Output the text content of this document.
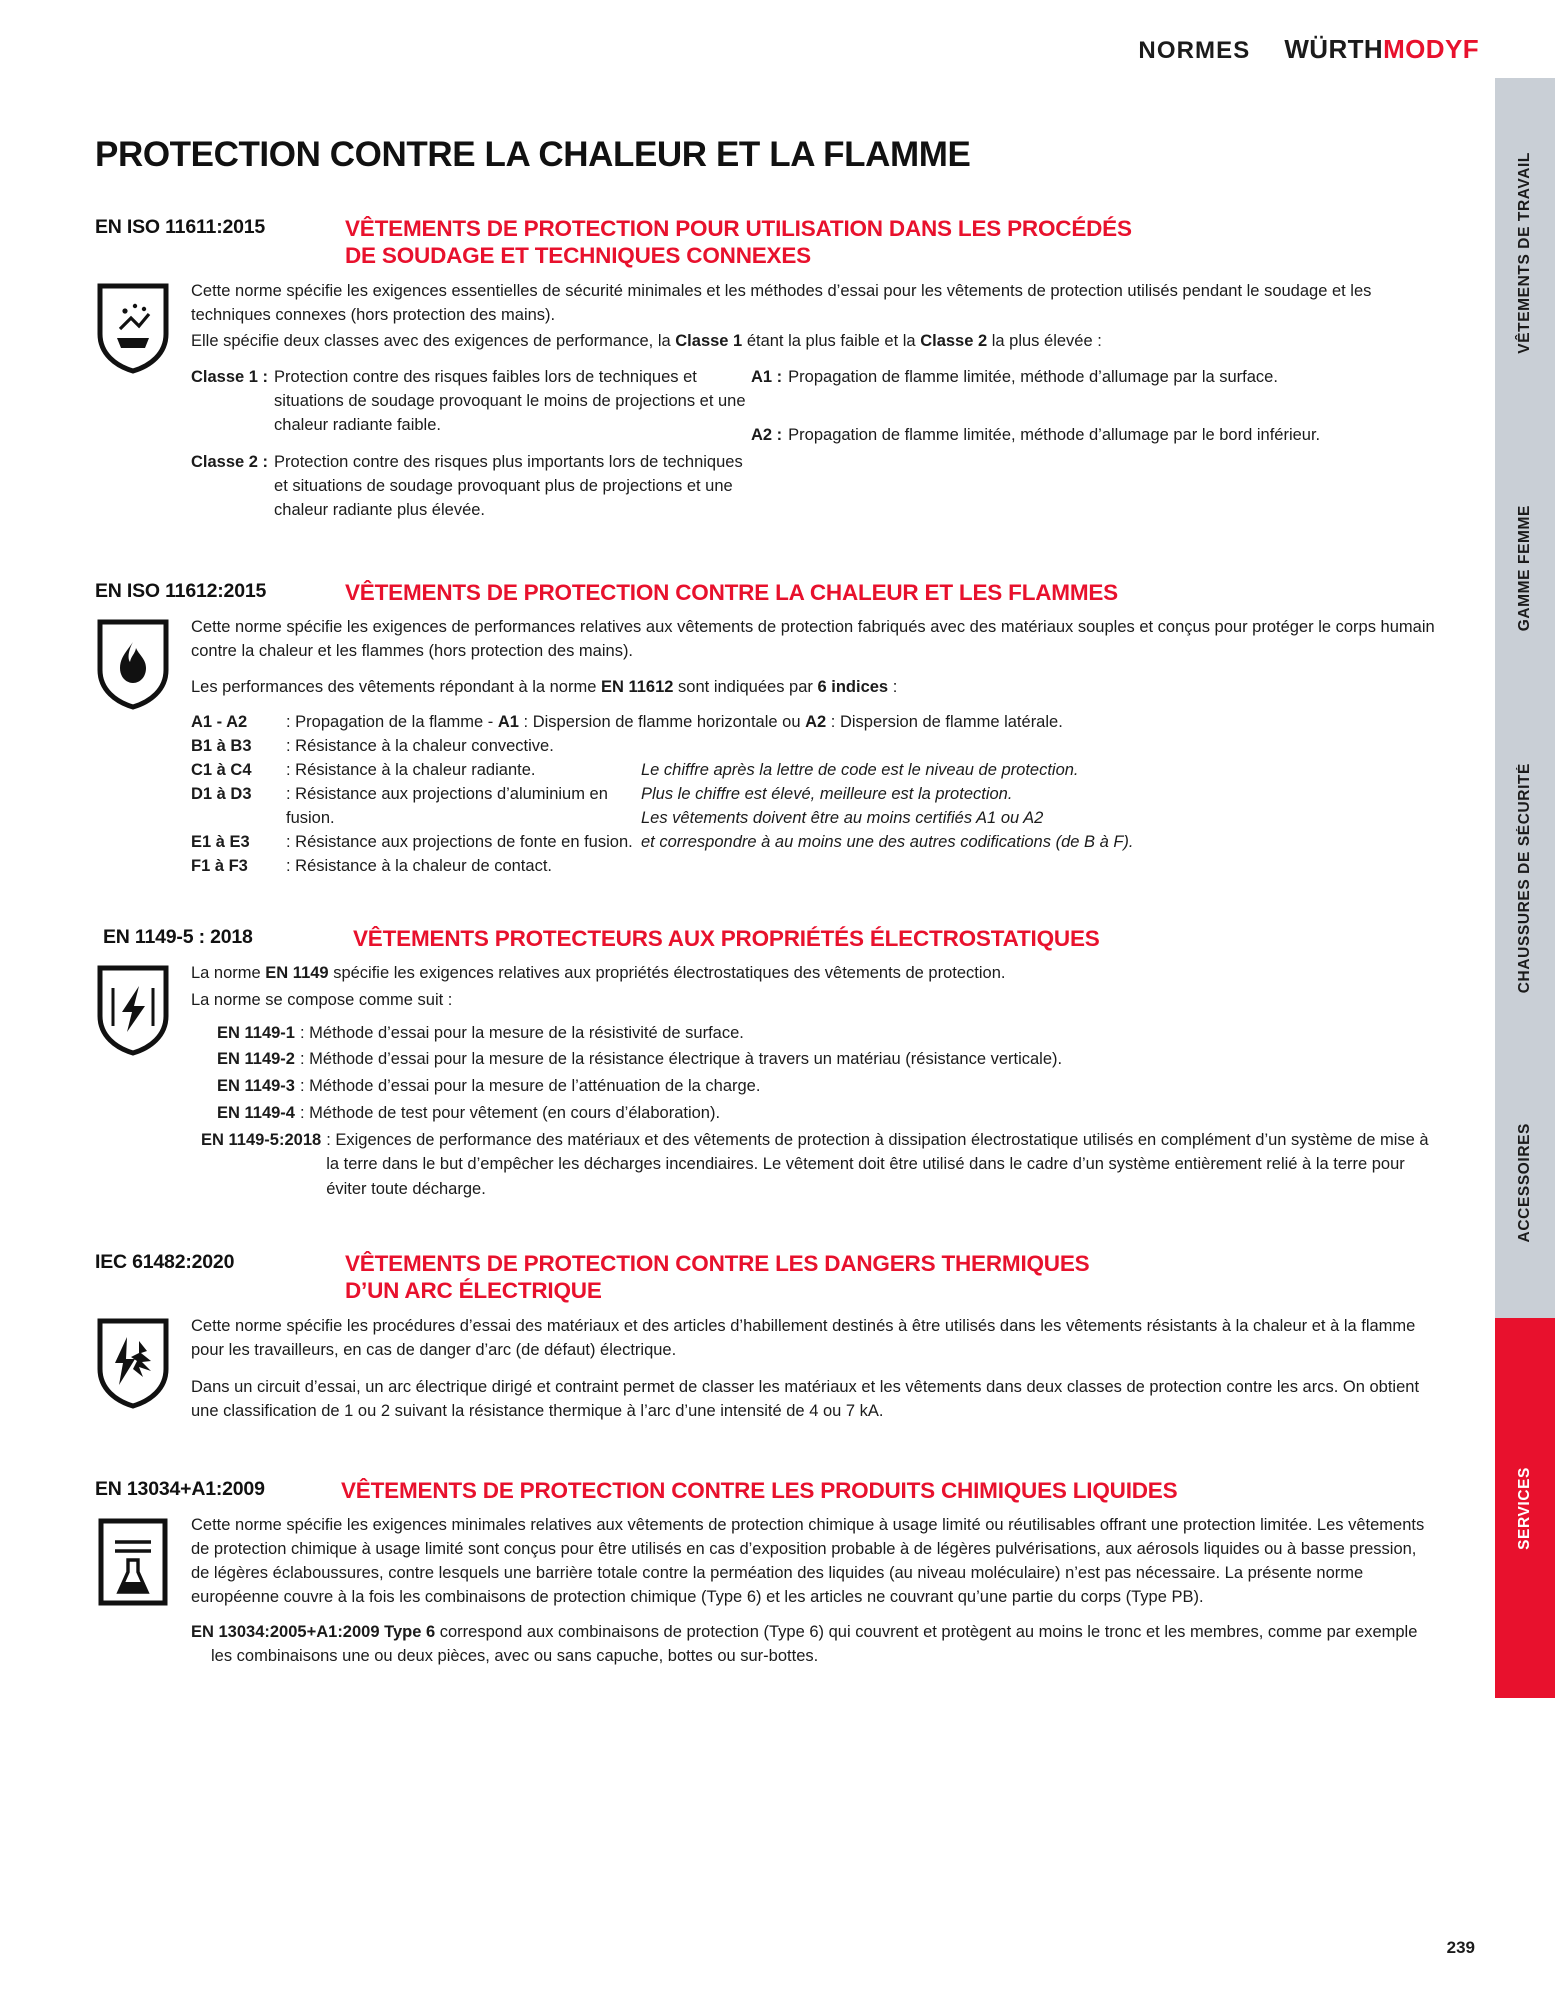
NORMES WÜRTHMODYF
VÊTEMENTS DE TRAVAIL
GAMME FEMME
CHAUSSURES DE SÉCURITÉ
ACCESSOIRES
SERVICES
PROTECTION CONTRE LA CHALEUR ET LA FLAMME
EN ISO 11611:2015	VÊTEMENTS DE PROTECTION POUR UTILISATION DANS LES PROCÉDÉS
DE SOUDAGE ET TECHNIQUES CONNEXES

Cette norme spécifie les exigences essentielles de sécurité minimales et les méthodes d’essai pour les vêtements de protection utilisés pendant le soudage et les techniques connexes (hors protection des mains).

Elle spécifie deux classes avec des exigences de performance, la Classe 1 étant la plus faible et la Classe 2 la plus élevée :

Classe 1 : Protection contre des risques faibles lors de techniques et situations de soudage provoquant le moins de projections et une chaleur radiante faible.
Classe 2 : Protection contre des risques plus importants lors de techniques et situations de soudage provoquant plus de projections et une chaleur radiante plus élevée.
A1 : Propagation de flamme limitée, méthode d’allumage par la surface.
A2 : Propagation de flamme limitée, méthode d’allumage par le bord inférieur.
EN ISO 11612:2015	VÊTEMENTS DE PROTECTION CONTRE LA CHALEUR ET LES FLAMMES

Cette norme spécifie les exigences de performances relatives aux vêtements de protection fabriqués avec des matériaux souples et conçus pour protéger le corps humain contre la chaleur et les flammes (hors protection des mains).

Les performances des vêtements répondant à la norme EN 11612 sont indiquées par 6 indices :

A1 - A2	: Propagation de la flamme - A1 : Dispersion de flamme horizontale ou A2 : Dispersion de flamme latérale.
B1 à B3	: Résistance à la chaleur convective.
C1 à C4	: Résistance à la chaleur radiante.
D1 à D3	: Résistance aux projections d’aluminium en fusion.
E1 à E3	: Résistance aux projections de fonte en fusion.
F1 à F3	: Résistance à la chaleur de contact.
Le chiffre après la lettre de code est le niveau de protection.
Plus le chiffre est élevé, meilleure est la protection.
Les vêtements doivent être au moins certifiés A1 ou A2
et correspondre à au moins une des autres codifications (de B à F).
EN 1149-5 : 2018	VÊTEMENTS PROTECTEURS AUX PROPRIÉTÉS ÉLECTROSTATIQUES

La norme EN 1149 spécifie les exigences relatives aux propriétés électrostatiques des vêtements de protection.

La norme se compose comme suit :

EN 1149-1 : Méthode d’essai pour la mesure de la résistivité de surface.
EN 1149-2 : Méthode d’essai pour la mesure de la résistance électrique à travers un matériau (résistance verticale).
EN 1149-3 : Méthode d’essai pour la mesure de l’atténuation de la charge.
EN 1149-4 : Méthode de test pour vêtement (en cours d’élaboration).
EN 1149-5:2018 : Exigences de performance des matériaux et des vêtements de protection à dissipation électrostatique utilisés en complément d’un système de mise à la terre dans le but d’empêcher les décharges incendiaires. Le vêtement doit être utilisé dans le cadre d’un système entièrement relié à la terre pour éviter toute décharge.
IEC 61482:2020	VÊTEMENTS DE PROTECTION CONTRE LES DANGERS THERMIQUES
D’UN ARC ÉLECTRIQUE

Cette norme spécifie les procédures d’essai des matériaux et des articles d’habillement destinés à être utilisés dans les vêtements résistants à la chaleur et à la flamme pour les travailleurs, en cas de danger d’arc (de défaut) électrique.

Dans un circuit d’essai, un arc électrique dirigé et contraint permet de classer les matériaux et les vêtements dans deux classes de protection contre les arcs. On obtient une classification de 1 ou 2 suivant la résistance thermique à l’arc d’une intensité de 4 ou 7 kA.

EN 13034+A1:2009	VÊTEMENTS DE PROTECTION CONTRE LES PRODUITS CHIMIQUES LIQUIDES

Cette norme spécifie les exigences minimales relatives aux vêtements de protection chimique à usage limité ou réutilisables offrant une protection limitée. Les vêtements de protection chimique à usage limité sont conçus pour être utilisés en cas d’exposition probable à de légères pulvérisations, aux aérosols liquides ou à basse pression, de légères éclaboussures, contre lesquels une barrière totale contre la perméation des liquides (au niveau moléculaire) n’est pas nécessaire. La présente norme européenne couvre à la fois les combinaisons de protection chimique (Type 6) et les articles ne couvrant qu’une partie du corps (Type PB).

EN 13034:2005+A1:2009 Type 6 correspond aux combinaisons de protection (Type 6) qui couvrent et protègent au moins le tronc et les membres, comme par exemple les combinaisons une ou deux pièces, avec ou sans capuche, bottes ou sur-bottes.

239
